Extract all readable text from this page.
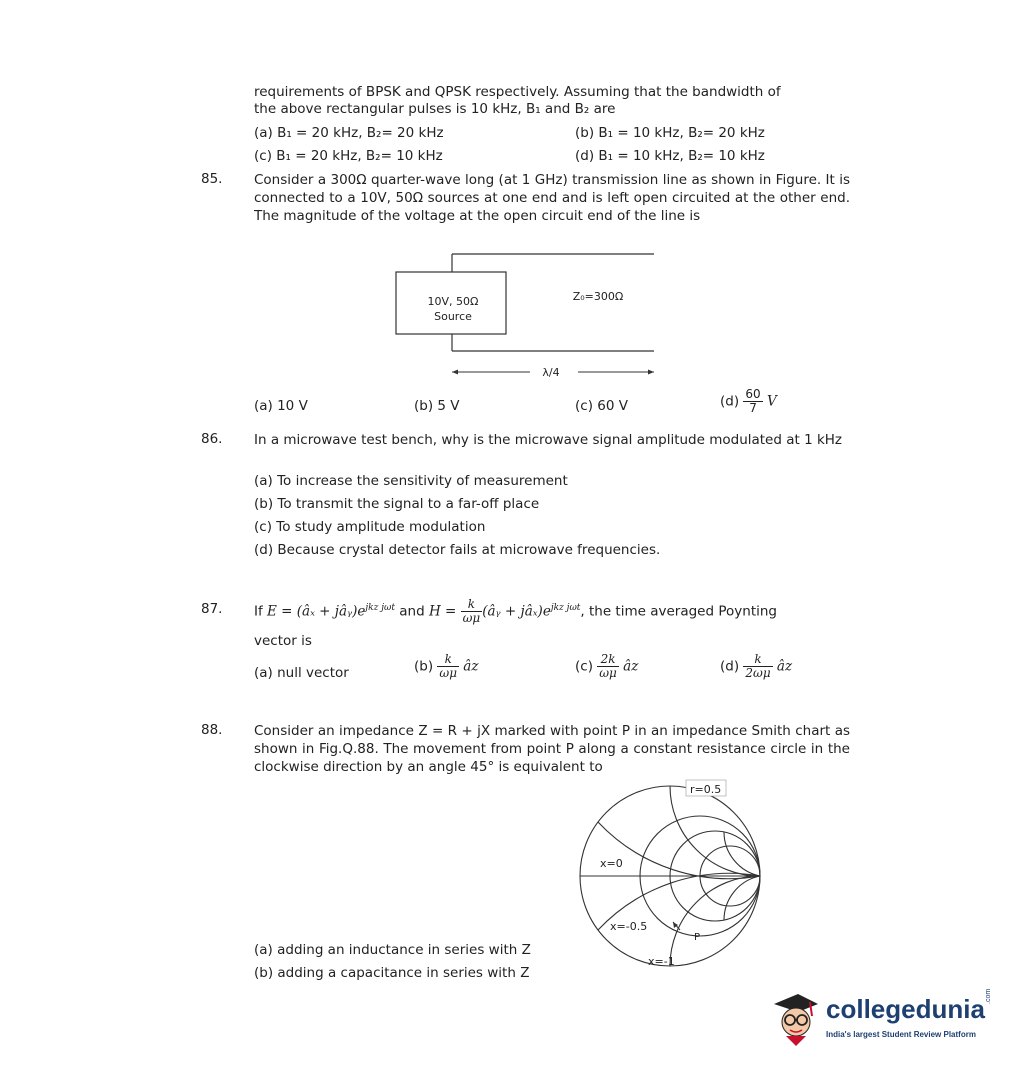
requirements of BPSK and QPSK respectively. Assuming that the bandwidth of
the above rectangular pulses is 10 kHz, B₁ and B₂ are
(a) B₁ = 20 kHz, B₂= 20 kHz	(b) B₁ = 10 kHz, B₂= 20 kHz
(c) B₁ = 20 kHz, B₂= 10 kHz	(d) B₁ = 10 kHz, B₂= 10 kHz
85. Consider a 300Ω quarter-wave long (at 1 GHz) transmission line as shown in Figure. It is connected to a 10V, 50Ω sources at one end and is left open circuited at the other end. The magnitude of the voltage at the open circuit end of the line is
10V, 50Ω
Source
Z₀=300Ω
λ/4
(a) 10 V	(b) 5 V	(c) 60 V	$(d) \frac{60}{7}$ V
86. In a microwave test bench, why is the microwave signal amplitude modulated at 1 kHz
(a) To increase the sensitivity of measurement
(b) To transmit the signal to a far-off place
(c) To study amplitude modulation
(d) Because crystal detector fails at microwave frequencies.
87. If E = (âₓ + $jâᵧ)e^{jkz j\omega t}$ and $H = \frac{k}{\omega\mu}$ (âᵧ + $jâ_x)e^{jkz j\omega t}$, the time averaged Poynting
vector is
(a) null vector	$(b) \frac{k}{\omega\mu}$ âz	$(c) \frac{2k}{\omega\mu}$ âz	$(d) \frac{k}{2\omega\mu}$ âz
88. Consider an impedance Z = R + jX marked with point P in an impedance Smith chart as shown in Fig.Q.88. The movement from point P along a constant resistance circle in the clockwise direction by an angle 45° is equivalent to
r=0.5
x=0
x=-0.5
x=-1
P
(a) adding an inductance in series with Z
(b) adding a capacitance in series with Z
collegedunia .com
India's largest Student Review Platform
